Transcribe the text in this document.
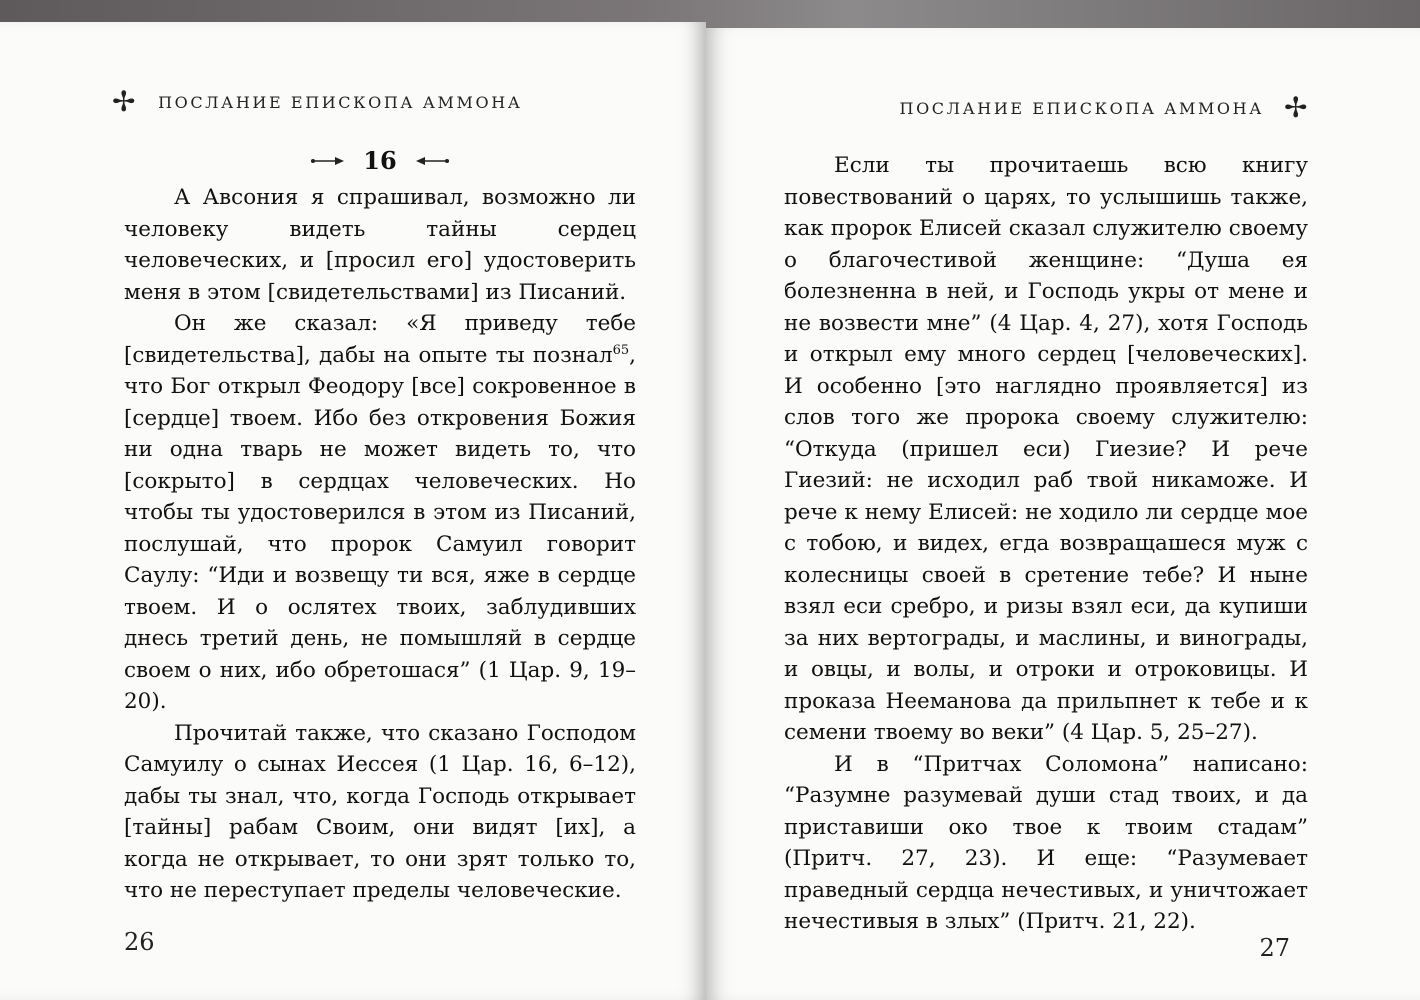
✢ ПОСЛАНИЕ ЕПИСКОПА АММОНА
16

А Авсония я спрашивал, возможно ли человеку видеть тайны сердец человеческих, и [просил его] удостоверить меня в этом [свидетельствами] из Писаний.

Он же сказал: «Я приведу тебе [свидетельства], дабы на опыте ты познал$^{65}$, что Бог открыл Феодору [все] сокровенное в [сердце] твоем. Ибо без откровения Божия ни одна тварь не может видеть то, что [сокрыто] в сердцах человеческих. Но чтобы ты удостоверился в этом из Писаний, послушай, что пророк Самуил говорит Саулу: “Иди и возвещу ти вся, яже в сердце твоем. И о ослятех твоих, заблудивших днесь третий день, не помышляй в сердце своем о них, ибо обретошася” (1 Цар. 9, 19–20).

Прочитай также, что сказано Господом Самуилу о сынах Иессея (1 Цар. 16, 6–12), дабы ты знал, что, когда Господь открывает [тайны] рабам Своим, они видят [их], а когда не открывает, то они зрят только то, что не переступает пределы человеческие.

26
ПОСЛАНИЕ ЕПИСКОПА АММОНА ✢

Если ты прочитаешь всю книгу повествований о царях, то услышишь также, как пророк Елисей сказал служителю своему о благочестивой женщине: “Душа ея болезненна в ней, и Господь укры от мене и не возвести мне” (4 Цар. 4, 27), хотя Господь и открыл ему много сердец [человеческих]. И особенно [это наглядно проявляется] из слов того же пророка своему служителю: “Откуда (пришел еси) Гиезие? И рече Гиезий: не исходил раб твой никаможе. И рече к нему Елисей: не ходило ли сердце мое с тобою, и видех, егда возвращашеся муж с колесницы своей в сретение тебе? И ныне взял еси сребро, и ризы взял еси, да купиши за них вертограды, и маслины, и винограды, и овцы, и волы, и отроки и отроковицы. И проказа Неемановa да прильпнет к тебе и к семени твоему во веки” (4 Цар. 5, 25–27).

И в “Притчах Соломона” написано: “Разумне разумевай души стад твоих, и да приставиши око твое к твоим стадам” (Притч. 27, 23). И еще: “Разумевает праведный сердца нечестивых, и уничтожает нечестивыя в злых” (Притч. 21, 22).

27
